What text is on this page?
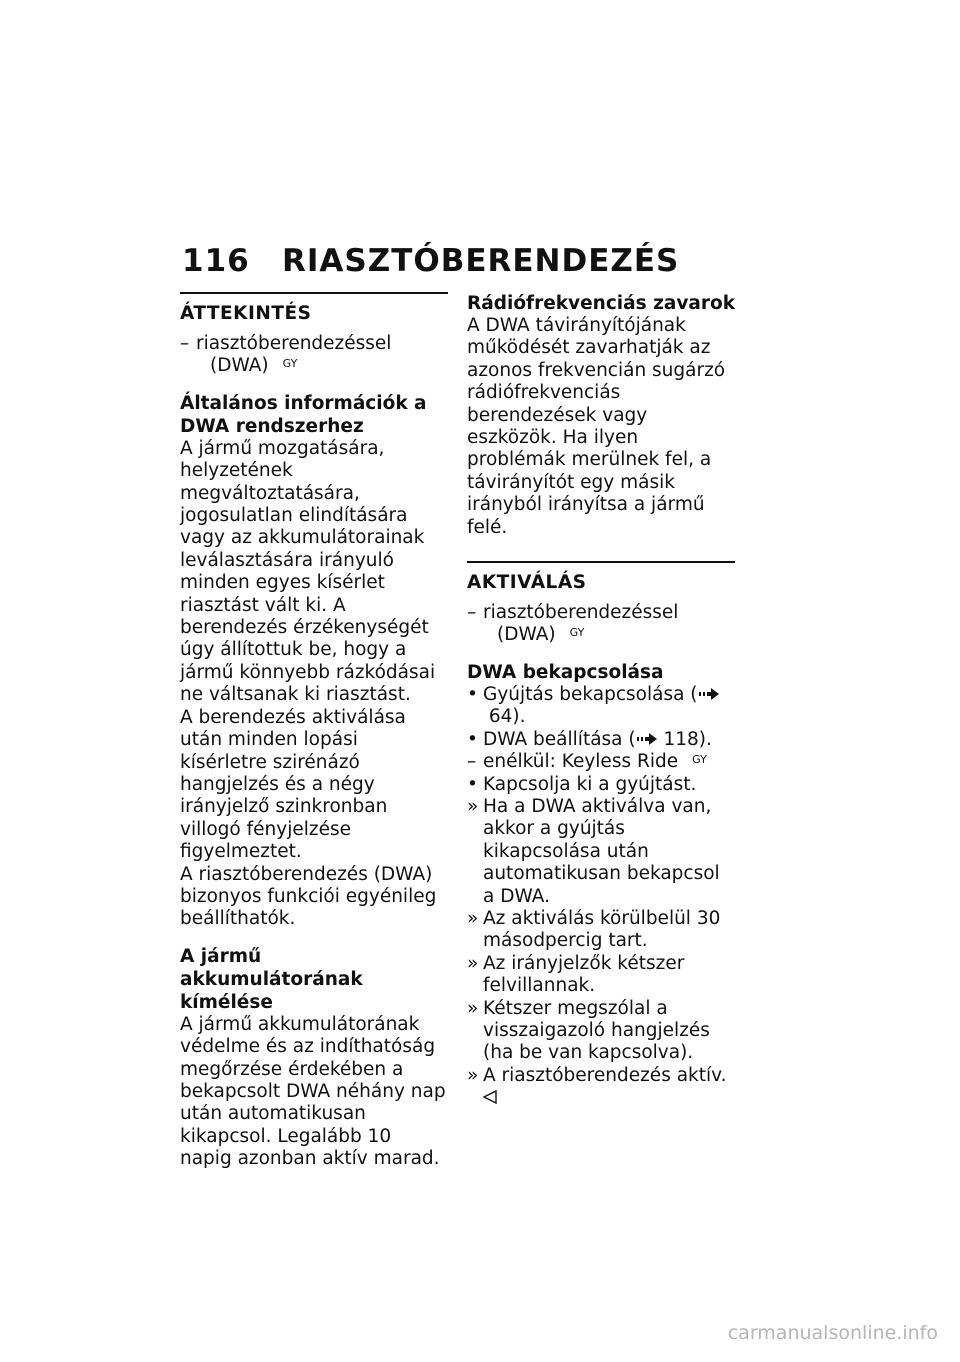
116 RIASZTÓBERENDEZÉS
ÁTTEKINTÉS
– riasztóberendezéssel
(DWA) $^{GY}$
Általános információk a DWA rendszerhez

A jármű mozgatására, helyzetének megváltoztatására, jogosulatlan elindítására vagy az akkumulátorainak leválasztására irányuló minden egyes kísérlet riasztást vált ki. A berendezés érzékenységét úgy állítottuk be, hogy a jármű könnyebb rázkódásai ne váltsanak ki riasztást.

A berendezés aktiválása után minden lopási kísérletre szirénázó hangjelzés és a négy irányjelző szinkronban villogó fényjelzése figyelmeztet.

A riasztóberendezés (DWA) bizonyos funkciói egyénileg beállíthatók.

A jármű akkumulátorának kímélése

A jármű akkumulátorának védelme és az indíthatóság megőrzése érdekében a bekapcsolt DWA néhány nap után automatikusan kikapcsol. Legalább 10 napig azonban aktív marad.

Rádiófrekvenciás zavarok

A DWA távirányítójának működését zavarhatják az azonos frekvencián sugárzó rádiófrekvenciás berendezések vagy eszközök. Ha ilyen problémák merülnek fel, a távirányítót egy másik irányból irányítsa a jármű felé.

AKTIVÁLÁS
– riasztóberendezéssel
(DWA) $^{GY}$
DWA bekapcsolása
• Gyújtás bekapcsolása ( 64).
• DWA beállítása ( 118).
– enélkül: Keyless Ride $^{GY}$
• Kapcsolja ki a gyújtást.
» Ha a DWA aktiválva van, akkor a gyújtás kikapcsolása után automatikusan bekapcsol a DWA.
» Az aktiválás körülbelül 30 másodpercig tart.
» Az irányjelzők kétszer felvillannak.
» Kétszer megszólal a visszaigazoló hangjelzés (ha be van kapcsolva).
» A riasztóberendezés aktív.
carmanualsonline.info
